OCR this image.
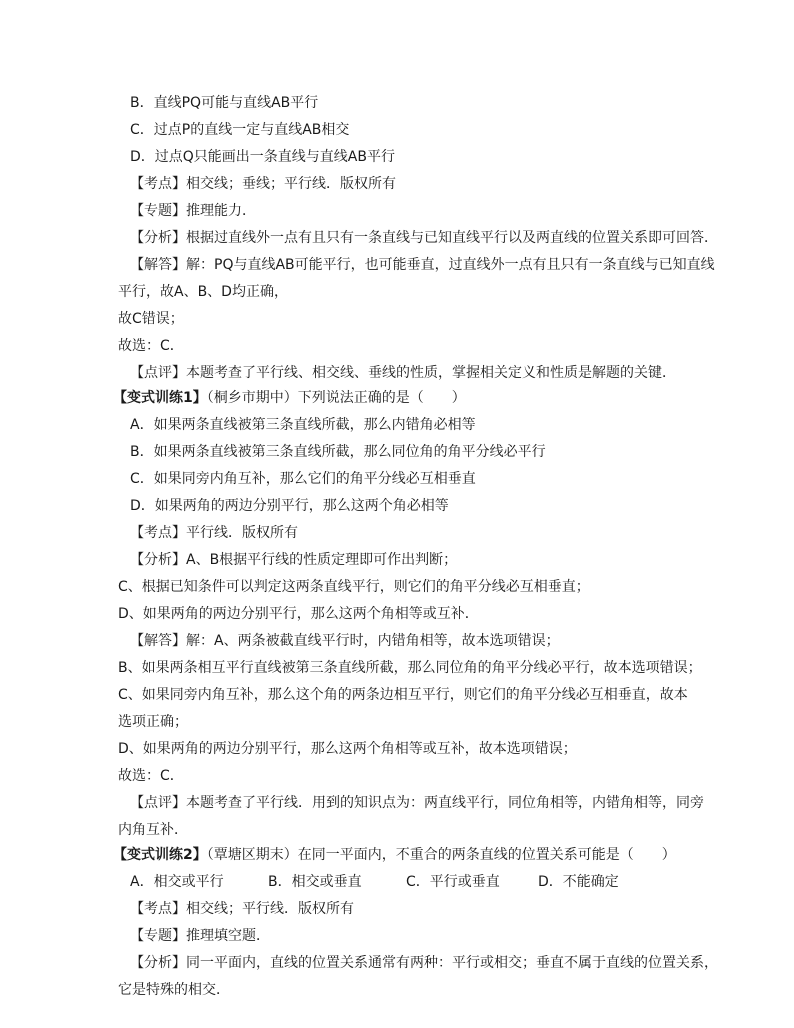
B．直线PQ可能与直线AB平行
C．过点P的直线一定与直线AB相交
D．过点Q只能画出一条直线与直线AB平行
【考点】相交线；垂线；平行线．版权所有
【专题】推理能力．
【分析】根据过直线外一点有且只有一条直线与已知直线平行以及两直线的位置关系即可回答．
【解答】解：PQ与直线AB可能平行，也可能垂直，过直线外一点有且只有一条直线与已知直线
平行，故A、B、D均正确，
故C错误；
故选：C．
【点评】本题考查了平行线、相交线、垂线的性质，掌握相关定义和性质是解题的关键．
【变式训练1】（桐乡市期中）下列说法正确的是（　　）
A．如果两条直线被第三条直线所截，那么内错角必相等
B．如果两条直线被第三条直线所截，那么同位角的角平分线必平行
C．如果同旁内角互补，那么它们的角平分线必互相垂直
D．如果两角的两边分别平行，那么这两个角必相等
【考点】平行线．版权所有
【分析】A、B根据平行线的性质定理即可作出判断；
C、根据已知条件可以判定这两条直线平行，则它们的角平分线必互相垂直；
D、如果两角的两边分别平行，那么这两个角相等或互补．
【解答】解：A、两条被截直线平行时，内错角相等，故本选项错误；
B、如果两条相互平行直线被第三条直线所截，那么同位角的角平分线必平行，故本选项错误；
C、如果同旁内角互补，那么这个角的两条边相互平行，则它们的角平分线必互相垂直，故本
选项正确；
D、如果两角的两边分别平行，那么这两个角相等或互补，故本选项错误；
故选：C．
【点评】本题考查了平行线．用到的知识点为：两直线平行，同位角相等，内错角相等，同旁
内角互补．
【变式训练2】（覃塘区期末）在同一平面内，不重合的两条直线的位置关系可能是（　　）
A．相交或平行	B．相交或垂直	C．平行或垂直	D．不能确定
【考点】相交线；平行线．版权所有
【专题】推理填空题．
【分析】同一平面内，直线的位置关系通常有两种：平行或相交；垂直不属于直线的位置关系，
它是特殊的相交．
